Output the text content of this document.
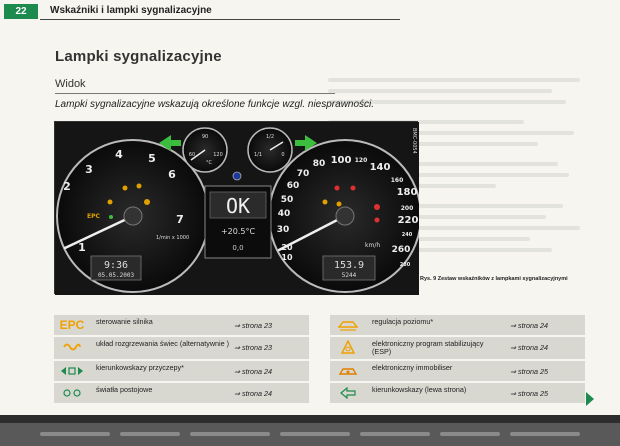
22	Wskaźniki i lampki sygnalizacyjne

Lampki sygnalizacyjne
Widok
Lampki sygnalizacyjne wskazują określone funkcje wzgl. niesprawności.
EPC
1
2
3
4 5
6
7
10
20
30
40
50
60
70
80 100 120
140
160
180
200
220
240
260
280
60
90
120
°C
1/1
1/2
0
1/min x 1000
km/h
9:36
05.05.2003
153.9
5244
OK
+20.5°C
0,0
BMC-0054
Rys. 9 Zestaw wskaźników z lampkami sygnalizacyjnymi
EPC sterowanie silnika	⇒ strona 23
układ rozgrzewania świec (alternatywnie ) ⇒ strona 23
kierunkowskazy przyczepy*	⇒ strona 24
światła postojowe	⇒ strona 24
regulacja poziomu*	⇒ strona 24
elektroniczny program stabilizujący (ESP)	⇒ strona 24
elektroniczny immobiliser	⇒ strona 25
kierunkowskazy (lewa strona)	⇒ strona 25
